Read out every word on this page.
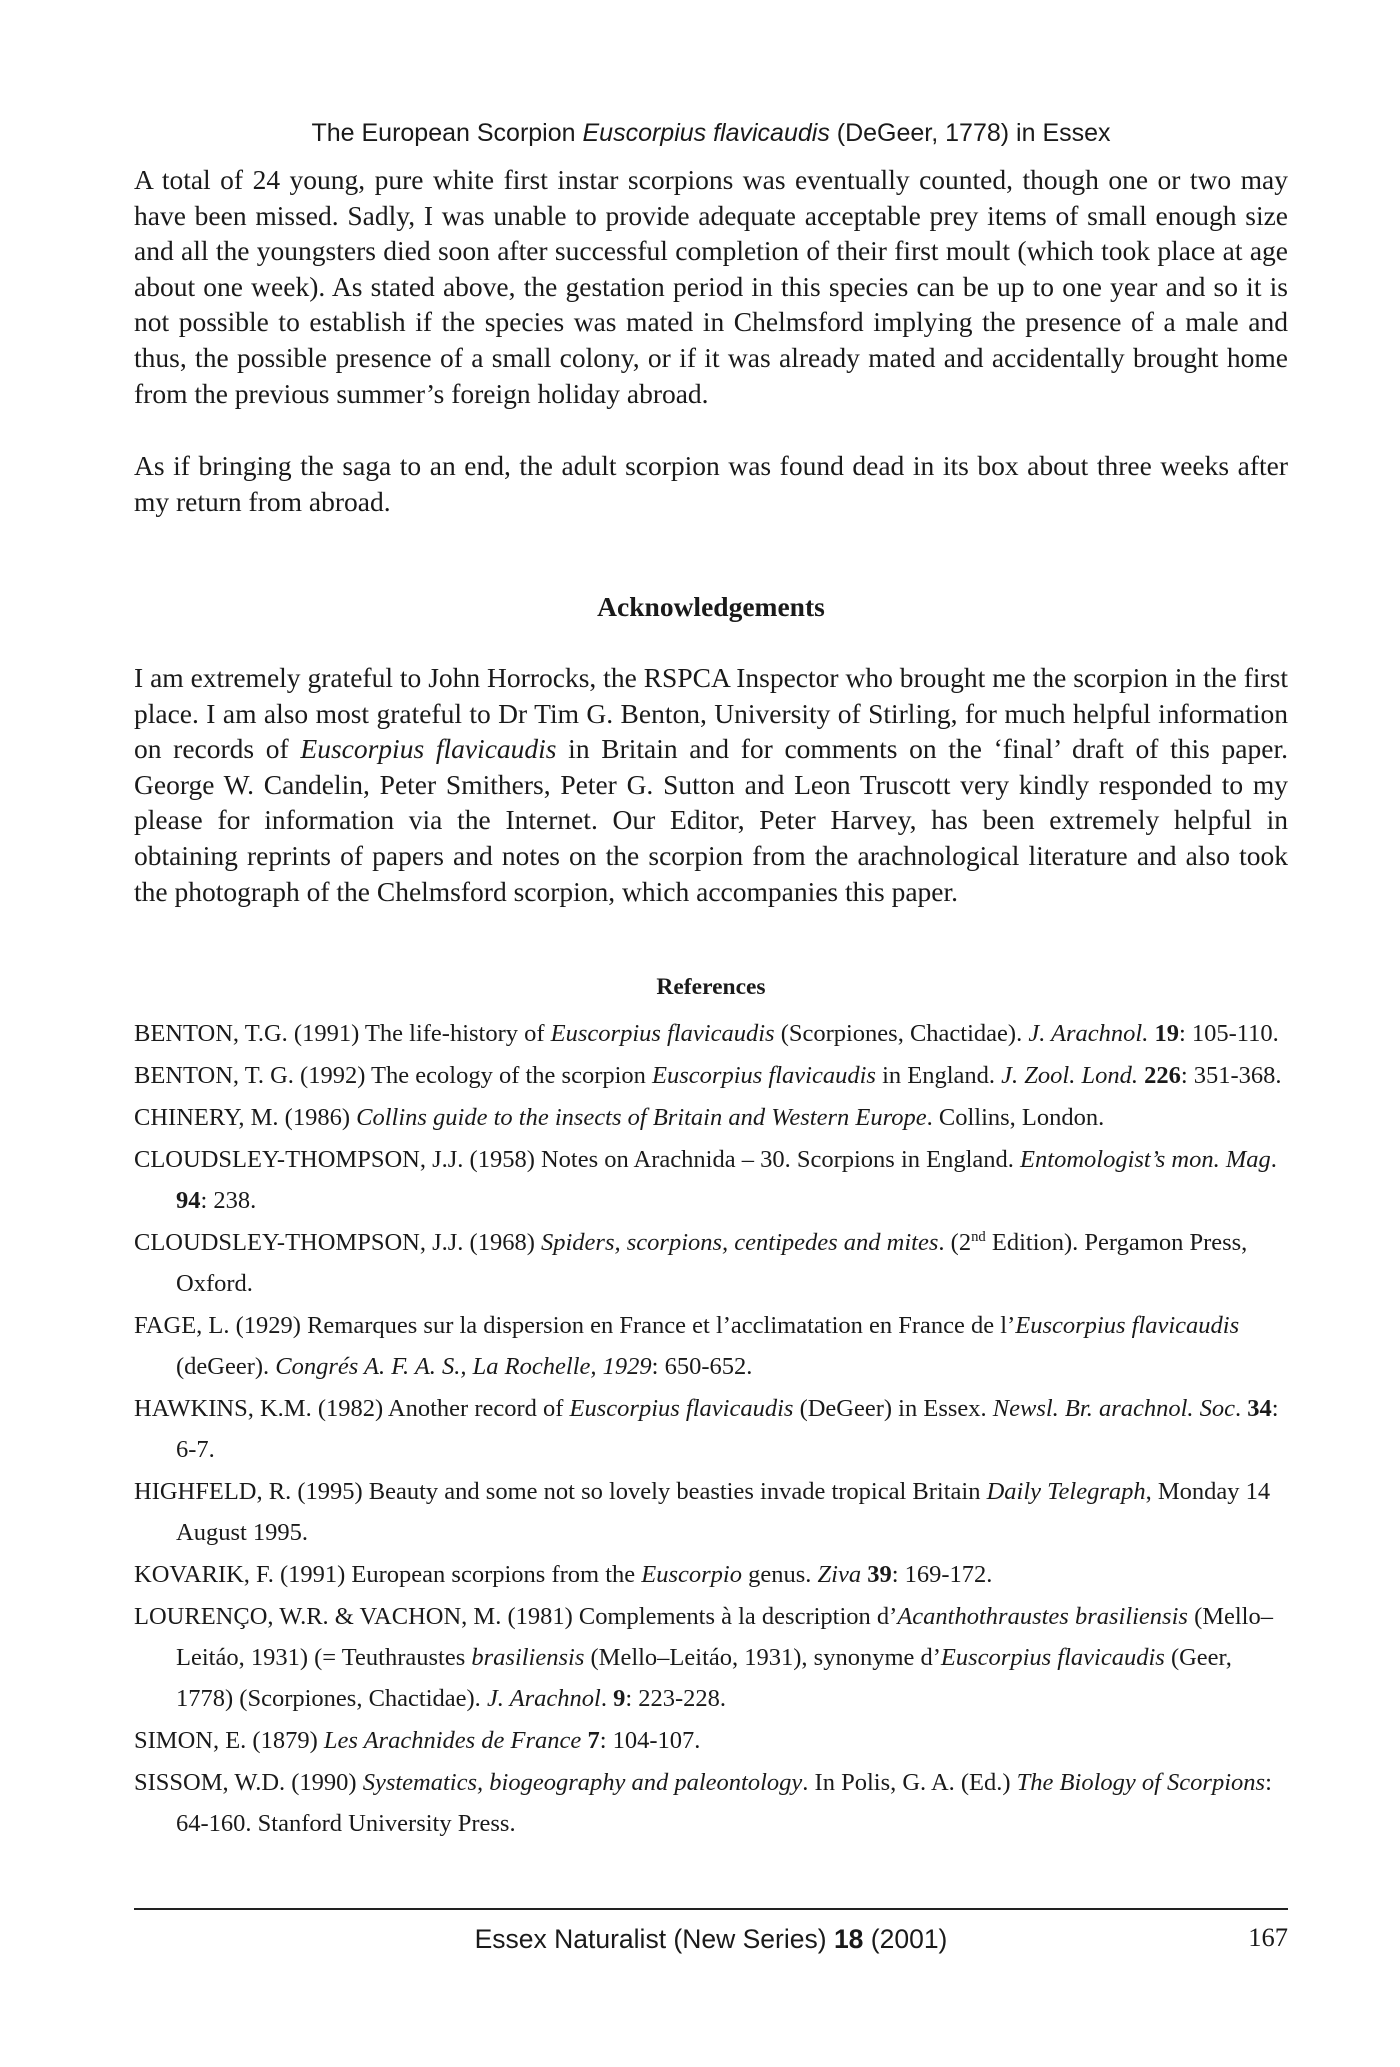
The European Scorpion Euscorpius flavicaudis (DeGeer, 1778) in Essex

A total of 24 young, pure white first instar scorpions was eventually counted, though one or two may have been missed. Sadly, I was unable to provide adequate acceptable prey items of small enough size and all the youngsters died soon after successful completion of their first moult (which took place at age about one week). As stated above, the gestation period in this species can be up to one year and so it is not possible to establish if the species was mated in Chelmsford implying the presence of a male and thus, the possible presence of a small colony, or if it was already mated and accidentally brought home from the previous summer’s foreign holiday abroad.

As if bringing the saga to an end, the adult scorpion was found dead in its box about three weeks after my return from abroad.

Acknowledgements

I am extremely grateful to John Horrocks, the RSPCA Inspector who brought me the scorpion in the first place. I am also most grateful to Dr Tim G. Benton, University of Stirling, for much helpful information on records of Euscorpius flavicaudis in Britain and for comments on the ‘final’ draft of this paper. George W. Candelin, Peter Smithers, Peter G. Sutton and Leon Truscott very kindly responded to my please for information via the Internet. Our Editor, Peter Harvey, has been extremely helpful in obtaining reprints of papers and notes on the scorpion from the arachnological literature and also took the photograph of the Chelmsford scorpion, which accompanies this paper.

References

BENTON, T.G. (1991) The life-history of Euscorpius flavicaudis (Scorpiones, Chactidae). J. Arachnol. 19: 105-110.

BENTON, T. G. (1992) The ecology of the scorpion Euscorpius flavicaudis in England. J. Zool. Lond. 226: 351-368.

CHINERY, M. (1986) Collins guide to the insects of Britain and Western Europe. Collins, London.

CLOUDSLEY-THOMPSON, J.J. (1958) Notes on Arachnida – 30. Scorpions in England. Entomologist’s mon. Mag. 94: 238.

CLOUDSLEY-THOMPSON, J.J. (1968) Spiders, scorpions, centipedes and mites. (2nd Edition). Pergamon Press, Oxford.

FAGE, L. (1929) Remarques sur la dispersion en France et l’acclimatation en France de l’Euscorpius flavicaudis (deGeer). Congrés A. F. A. S., La Rochelle, 1929: 650-652.

HAWKINS, K.M. (1982) Another record of Euscorpius flavicaudis (DeGeer) in Essex. Newsl. Br. arachnol. Soc. 34: 6-7.

HIGHFELD, R. (1995) Beauty and some not so lovely beasties invade tropical Britain Daily Telegraph, Monday 14 August 1995.

KOVARIK, F. (1991) European scorpions from the Euscorpio genus. Ziva 39: 169-172.

LOURENÇO, W.R. & VACHON, M. (1981) Complements à la description d’Acanthothraustes brasiliensis (Mello–Leitáo, 1931) (= Teuthraustes brasiliensis (Mello–Leitáo, 1931), synonyme d’Euscorpius flavicaudis (Geer, 1778) (Scorpiones, Chactidae). J. Arachnol. 9: 223-228.

SIMON, E. (1879) Les Arachnides de France 7: 104-107.

SISSOM, W.D. (1990) Systematics, biogeography and paleontology. In Polis, G. A. (Ed.) The Biology of Scorpions: 64-160. Stanford University Press.

Essex Naturalist (New Series) 18 (2001)	167
